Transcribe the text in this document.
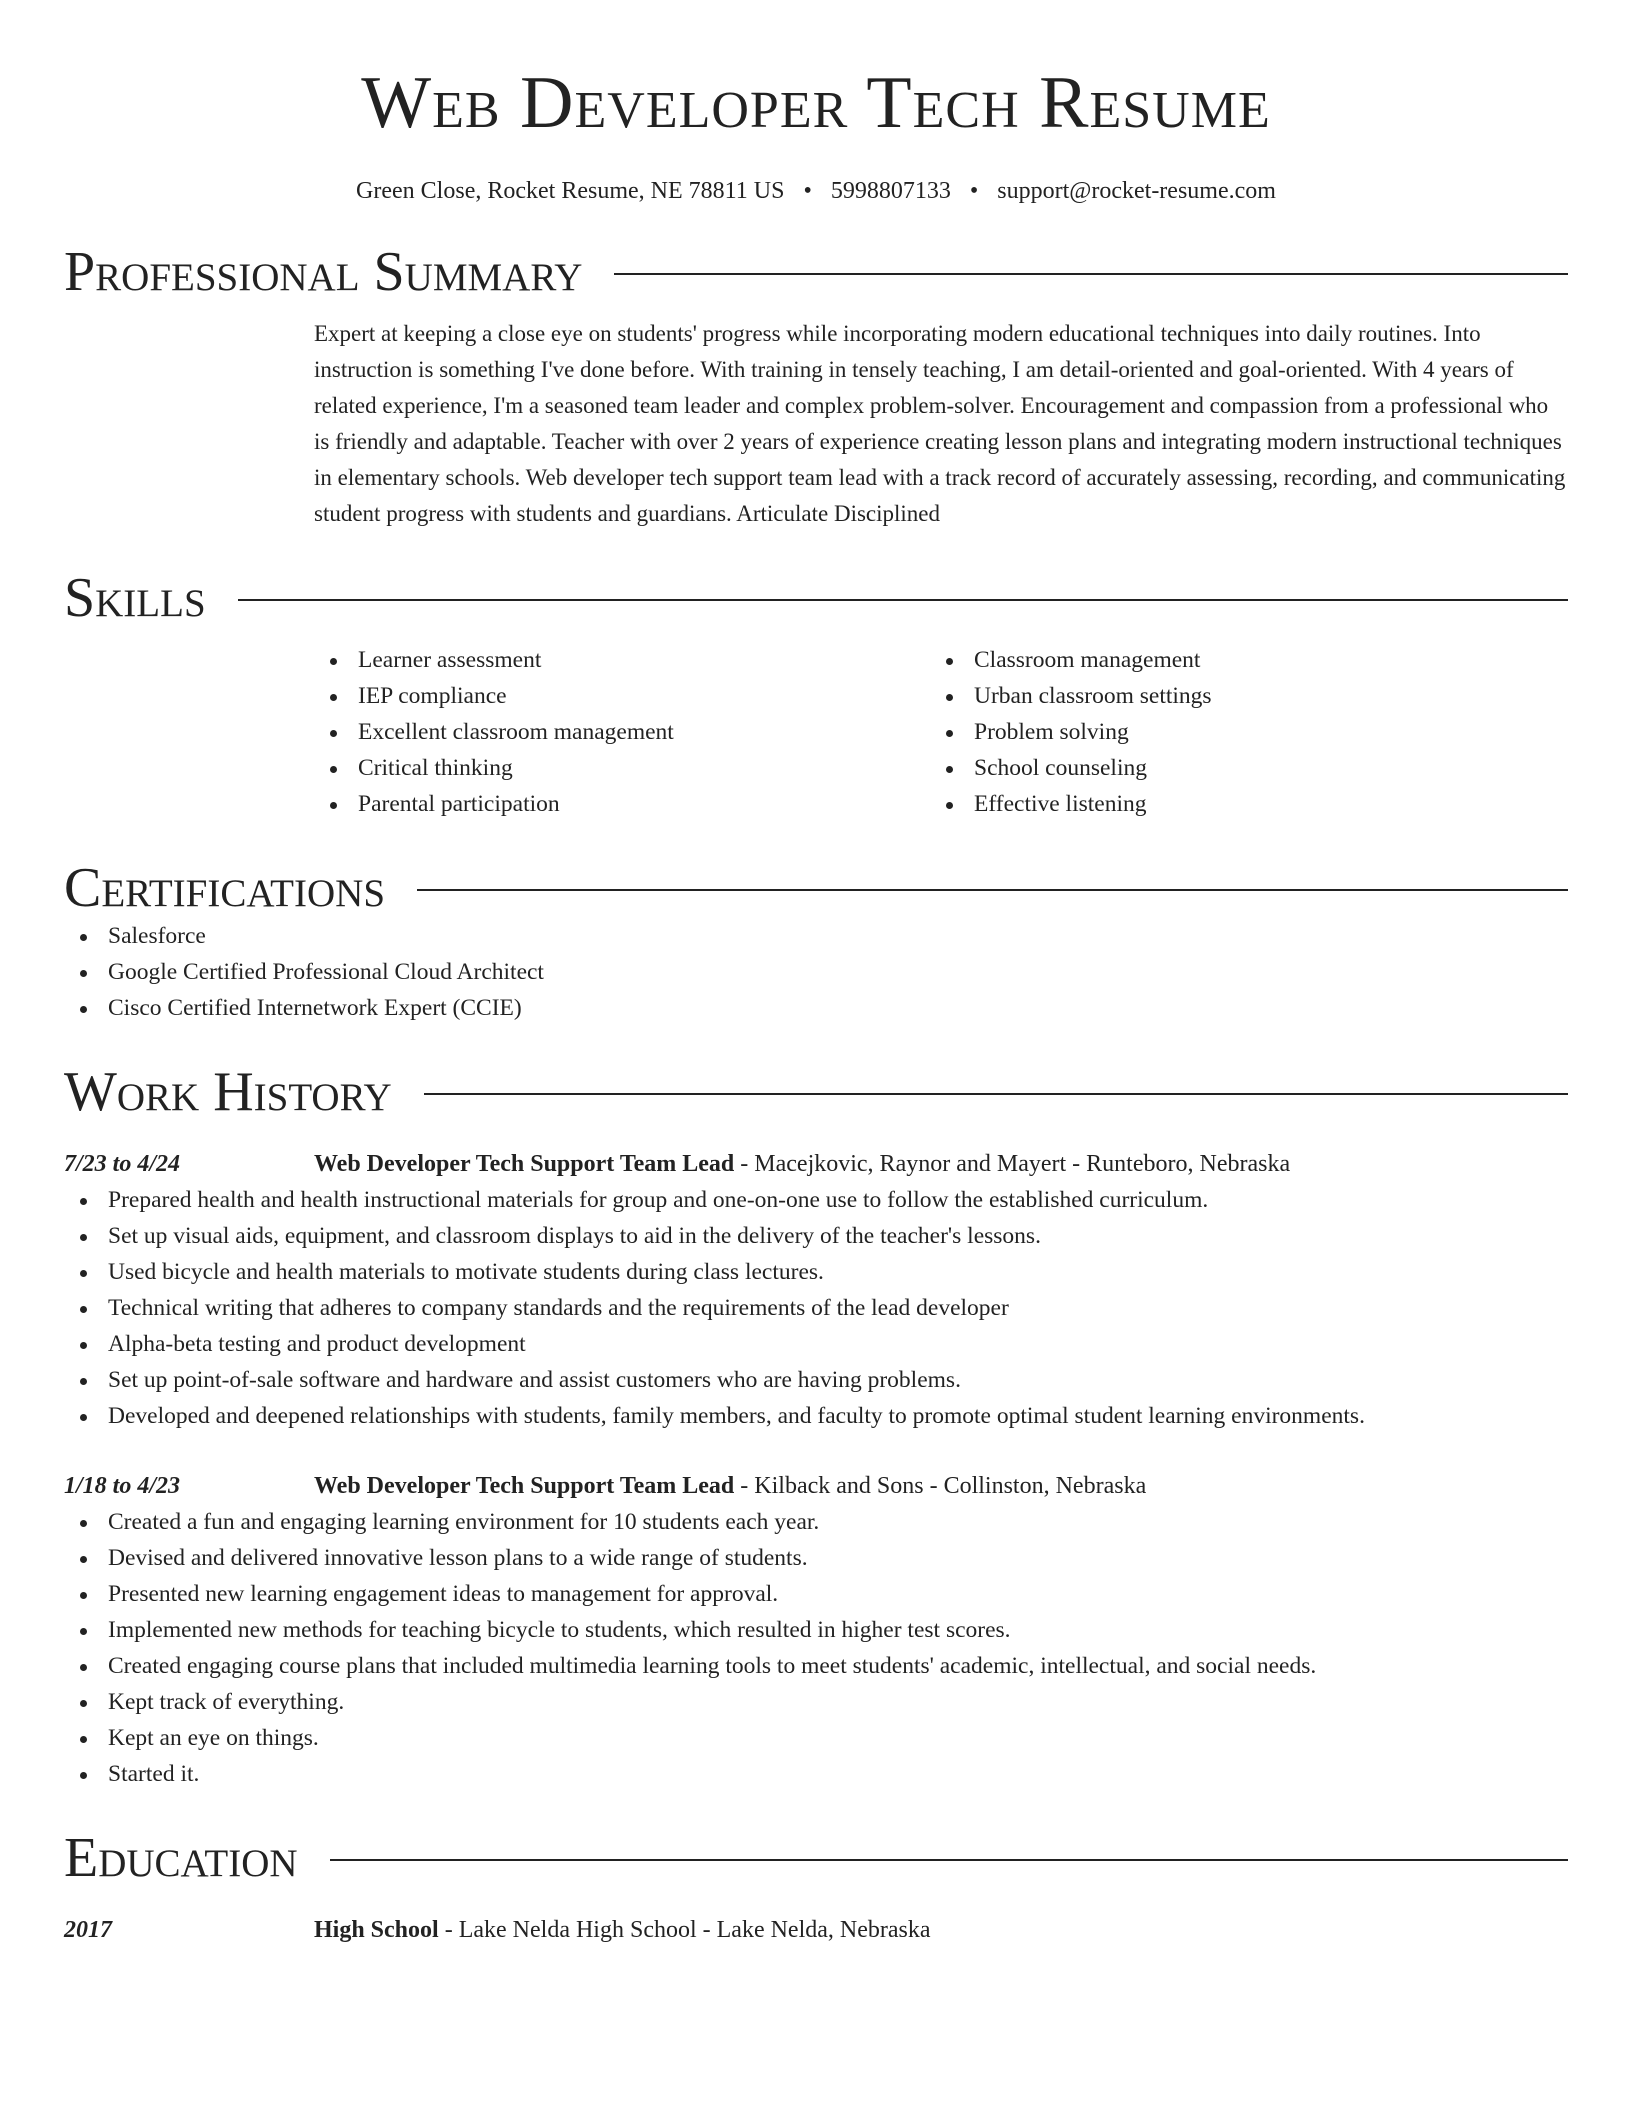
Web Developer Tech Resume
Green Close, Rocket Resume, NE 78811 US • 5998807133 • support@rocket-resume.com
Professional Summary
Expert at keeping a close eye on students' progress while incorporating modern educational techniques into daily routines. Into instruction is something I've done before. With training in tensely teaching, I am detail-oriented and goal-oriented. With 4 years of related experience, I'm a seasoned team leader and complex problem-solver. Encouragement and compassion from a professional who is friendly and adaptable. Teacher with over 2 years of experience creating lesson plans and integrating modern instructional techniques in elementary schools. Web developer tech support team lead with a track record of accurately assessing, recording, and communicating student progress with students and guardians. Articulate Disciplined
Skills
Learner assessment
IEP compliance
Excellent classroom management
Critical thinking
Parental participation
Classroom management
Urban classroom settings
Problem solving
School counseling
Effective listening
Certifications
Salesforce
Google Certified Professional Cloud Architect
Cisco Certified Internetwork Expert (CCIE)
Work History
7/23 to 4/24	Web Developer Tech Support Team Lead - Macejkovic, Raynor and Mayert - Runteboro, Nebraska
Prepared health and health instructional materials for group and one-on-one use to follow the established curriculum.
Set up visual aids, equipment, and classroom displays to aid in the delivery of the teacher's lessons.
Used bicycle and health materials to motivate students during class lectures.
Technical writing that adheres to company standards and the requirements of the lead developer
Alpha-beta testing and product development
Set up point-of-sale software and hardware and assist customers who are having problems.
Developed and deepened relationships with students, family members, and faculty to promote optimal student learning environments.
1/18 to 4/23	Web Developer Tech Support Team Lead - Kilback and Sons - Collinston, Nebraska
Created a fun and engaging learning environment for 10 students each year.
Devised and delivered innovative lesson plans to a wide range of students.
Presented new learning engagement ideas to management for approval.
Implemented new methods for teaching bicycle to students, which resulted in higher test scores.
Created engaging course plans that included multimedia learning tools to meet students' academic, intellectual, and social needs.
Kept track of everything.
Kept an eye on things.
Started it.
Education
2017	High School - Lake Nelda High School - Lake Nelda, Nebraska
